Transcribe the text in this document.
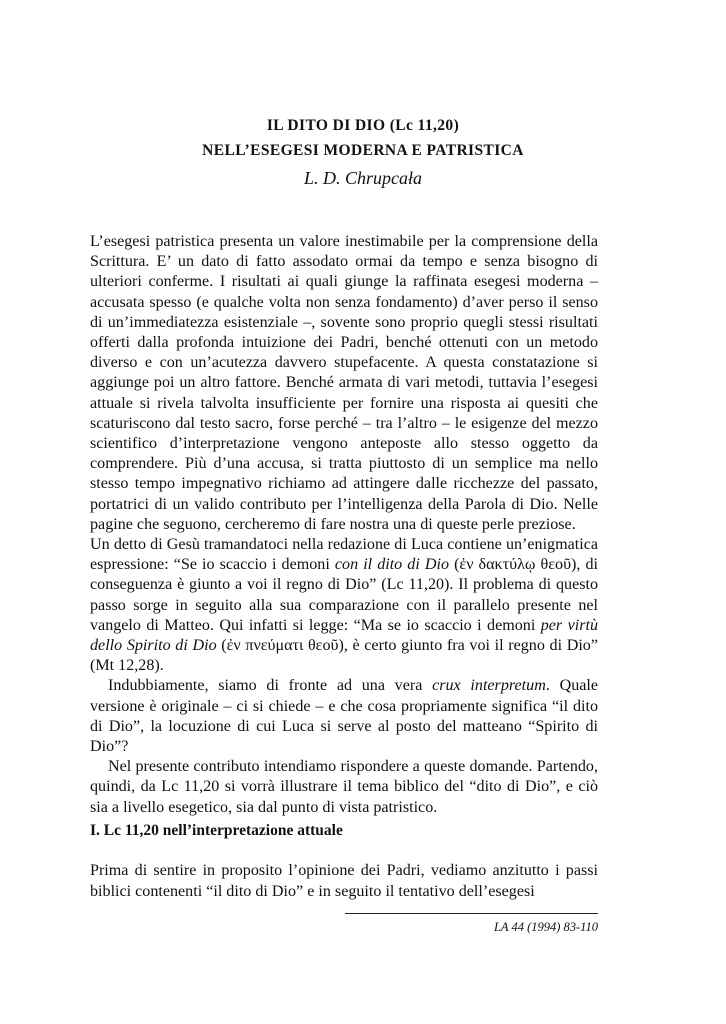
IL DITO DI DIO (Lc 11,20)
NELL’ESEGESI MODERNA E PATRISTICA
L. D. Chrupcała

L’esegesi patristica presenta un valore inestimabile per la comprensione della Scrittura. E’ un dato di fatto assodato ormai da tempo e senza bisogno di ulteriori conferme. I risultati ai quali giunge la raffinata esegesi moderna – accusata spesso (e qualche volta non senza fondamento) d’aver perso il senso di un’immediatezza esistenziale –, sovente sono proprio quegli stessi risultati offerti dalla profonda intuizione dei Padri, benché ottenuti con un metodo diverso e con un’acutezza davvero stupefacente. A questa constatazione si aggiunge poi un altro fattore. Benché armata di vari metodi, tuttavia l’esegesi attuale si rivela talvolta insufficiente per fornire una risposta ai quesiti che scaturiscono dal testo sacro, forse perché – tra l’altro – le esigenze del mezzo scientifico d’interpretazione vengono anteposte allo stesso oggetto da comprendere. Più d’una accusa, si tratta piuttosto di un semplice ma nello stesso tempo impegnativo richiamo ad attingere dalle ricchezze del passato, portatrici di un valido contributo per l’intelligenza della Parola di Dio. Nelle pagine che seguono, cercheremo di fare nostra una di queste perle preziose.

Un detto di Gesù tramandatoci nella redazione di Luca contiene un’enigmatica espressione: “Se io scaccio i demoni con il dito di Dio (ἐν δακτύλῳ θεοῦ), di conseguenza è giunto a voi il regno di Dio” (Lc 11,20). Il problema di questo passo sorge in seguito alla sua comparazione con il parallelo presente nel vangelo di Matteo. Qui infatti si legge: “Ma se io scaccio i demoni per virtù dello Spirito di Dio (ἐν πνεύματι θεοῦ), è certo giunto fra voi il regno di Dio” (Mt 12,28).

Indubbiamente, siamo di fronte ad una vera crux interpretum. Quale versione è originale – ci si chiede – e che cosa propriamente significa “il dito di Dio”, la locuzione di cui Luca si serve al posto del matteano “Spirito di Dio”?

Nel presente contributo intendiamo rispondere a queste domande. Partendo, quindi, da Lc 11,20 si vorrà illustrare il tema biblico del “dito di Dio”, e ciò sia a livello esegetico, sia dal punto di vista patristico.

I. Lc 11,20 nell’interpretazione attuale

Prima di sentire in proposito l’opinione dei Padri, vediamo anzitutto i passi biblici contenenti “il dito di Dio” e in seguito il tentativo dell’esegesi

LA 44 (1994) 83-110
